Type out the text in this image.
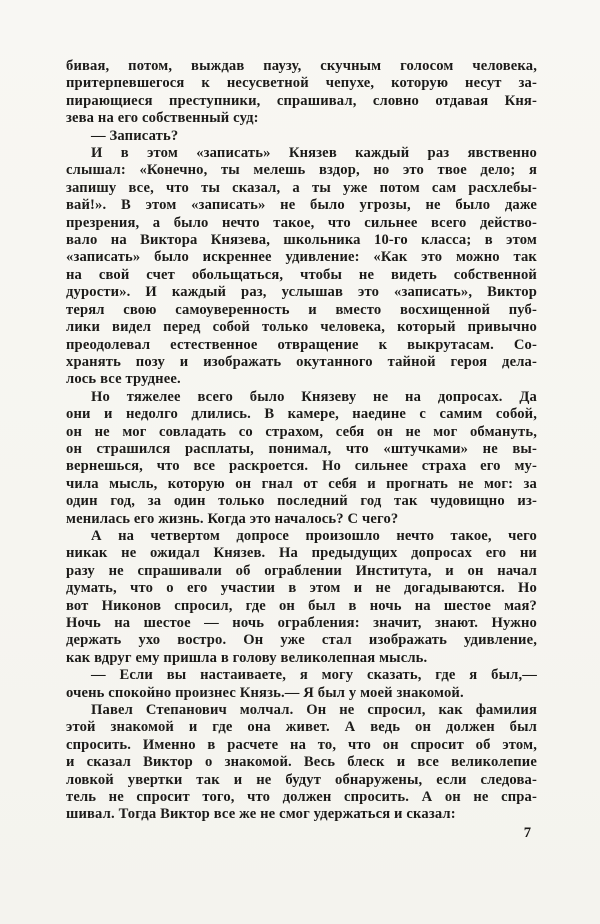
бивая, потом, выждав паузу, скучным голосом человека,
притерпевшегося к несусветной чепухе, которую несут за-
пирающиеся преступники, спрашивал, словно отдавая Кня-
зева на его собственный суд:
— Записать?
И в этом «записать» Князев каждый раз явственно
слышал: «Конечно, ты мелешь вздор, но это твое дело; я
запишу все, что ты сказал, а ты уже потом сам расхлебы-
вай!». В этом «записать» не было угрозы, не было даже
презрения, а было нечто такое, что сильнее всего действо-
вало на Виктора Князева, школьника 10-го класса; в этом
«записать» было искреннее удивление: «Как это можно так
на свой счет обольщаться, чтобы не видеть собственной
дурости». И каждый раз, услышав это «записать», Виктор
терял свою самоуверенность и вместо восхищенной пуб-
лики видел перед собой только человека, который привычно
преодолевал естественное отвращение к выкрутасам. Со-
хранять позу и изображать окутанного тайной героя дела-
лось все труднее.
Но тяжелее всего было Князеву не на допросах. Да
они и недолго длились. В камере, наедине с самим собой,
он не мог совладать со страхом, себя он не мог обмануть,
он страшился расплаты, понимал, что «штучками» не вы-
вернешься, что все раскроется. Но сильнее страха его му-
чила мысль, которую он гнал от себя и прогнать не мог: за
один год, за один только последний год так чудовищно из-
менилась его жизнь. Когда это началось? С чего?
А на четвертом допросе произошло нечто такое, чего
никак не ожидал Князев. На предыдущих допросах его ни
разу не спрашивали об ограблении Института, и он начал
думать, что о его участии в этом и не догадываются. Но
вот Никонов спросил, где он был в ночь на шестое мая?
Ночь на шестое — ночь ограбления: значит, знают. Нужно
держать ухо востро. Он уже стал изображать удивление,
как вдруг ему пришла в голову великолепная мысль.
— Если вы настаиваете, я могу сказать, где я был,—
очень спокойно произнес Князь.— Я был у моей знакомой.
Павел Степанович молчал. Он не спросил, как фамилия
этой знакомой и где она живет. А ведь он должен был
спросить. Именно в расчете на то, что он спросит об этом,
и сказал Виктор о знакомой. Весь блеск и все великолепие
ловкой увертки так и не будут обнаружены, если следова-
тель не спросит того, что должен спросить. А он не спра-
шивал. Тогда Виктор все же не смог удержаться и сказал:
7
